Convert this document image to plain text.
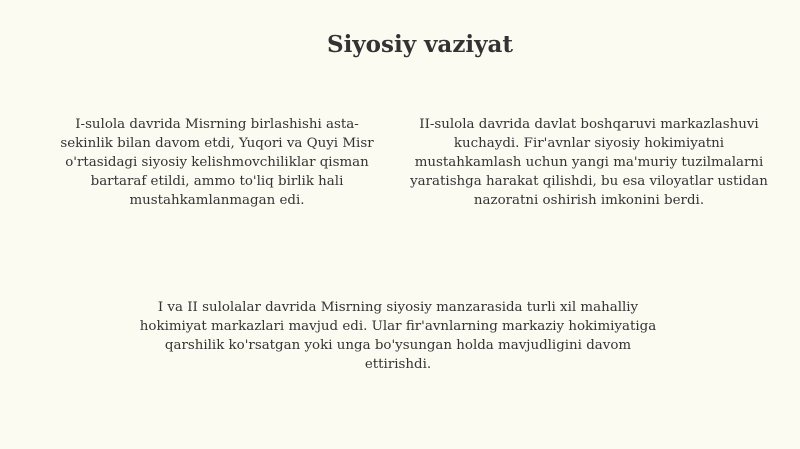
Siyosiy vaziyat

I-sulola davrida Misrning birlashishi asta-sekinlik bilan davom etdi, Yuqori va Quyi Misr o'rtasidagi siyosiy kelishmovchiliklar qisman bartaraf etildi, ammo to'liq birlik hali mustahkamlanmagan edi.

II-sulola davrida davlat boshqaruvi markazlashuvi kuchaydi. Fir'avnlar siyosiy hokimiyatni mustahkamlash uchun yangi ma'muriy tuzilmalarni yaratishga harakat qilishdi, bu esa viloyatlar ustidan nazoratni oshirish imkonini berdi.

I va II sulolalar davrida Misrning siyosiy manzarasida turli xil mahalliy hokimiyat markazlari mavjud edi. Ular fir'avnlarning markaziy hokimiyatiga qarshilik ko'rsatgan yoki unga bo'ysungan holda mavjudligini davom ettirishdi.
